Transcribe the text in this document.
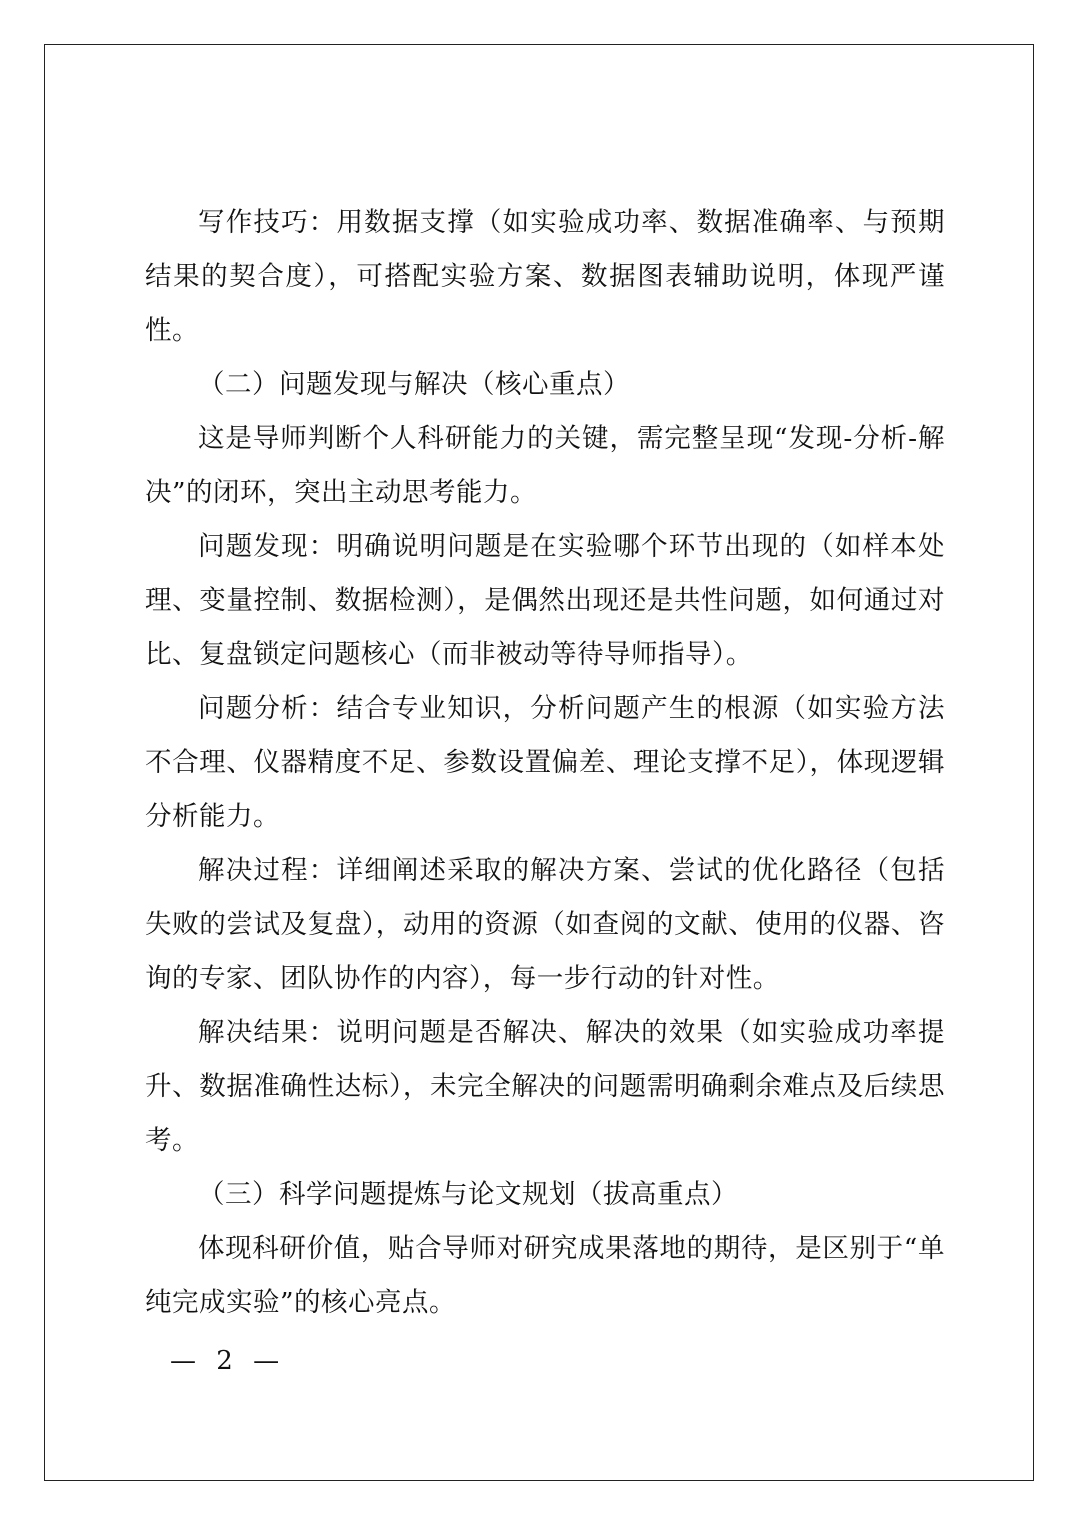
写作技巧：用数据支撑（如实验成功率、数据准确率、与预期结果的契合度），可搭配实验方案、数据图表辅助说明，体现严谨性。

（二）问题发现与解决（核心重点）

这是导师判断个人科研能力的关键，需完整呈现“发现-分析-解决”的闭环，突出主动思考能力。

问题发现：明确说明问题是在实验哪个环节出现的（如样本处理、变量控制、数据检测），是偶然出现还是共性问题，如何通过对比、复盘锁定问题核心（而非被动等待导师指导）。

问题分析：结合专业知识，分析问题产生的根源（如实验方法不合理、仪器精度不足、参数设置偏差、理论支撑不足），体现逻辑分析能力。

解决过程：详细阐述采取的解决方案、尝试的优化路径（包括失败的尝试及复盘），动用的资源（如查阅的文献、使用的仪器、咨询的专家、团队协作的内容），每一步行动的针对性。

解决结果：说明问题是否解决、解决的效果（如实验成功率提升、数据准确性达标），未完全解决的问题需明确剩余难点及后续思考。

（三）科学问题提炼与论文规划（拔高重点）

体现科研价值，贴合导师对研究成果落地的期待，是区别于“单纯完成实验”的核心亮点。

— 2 —
